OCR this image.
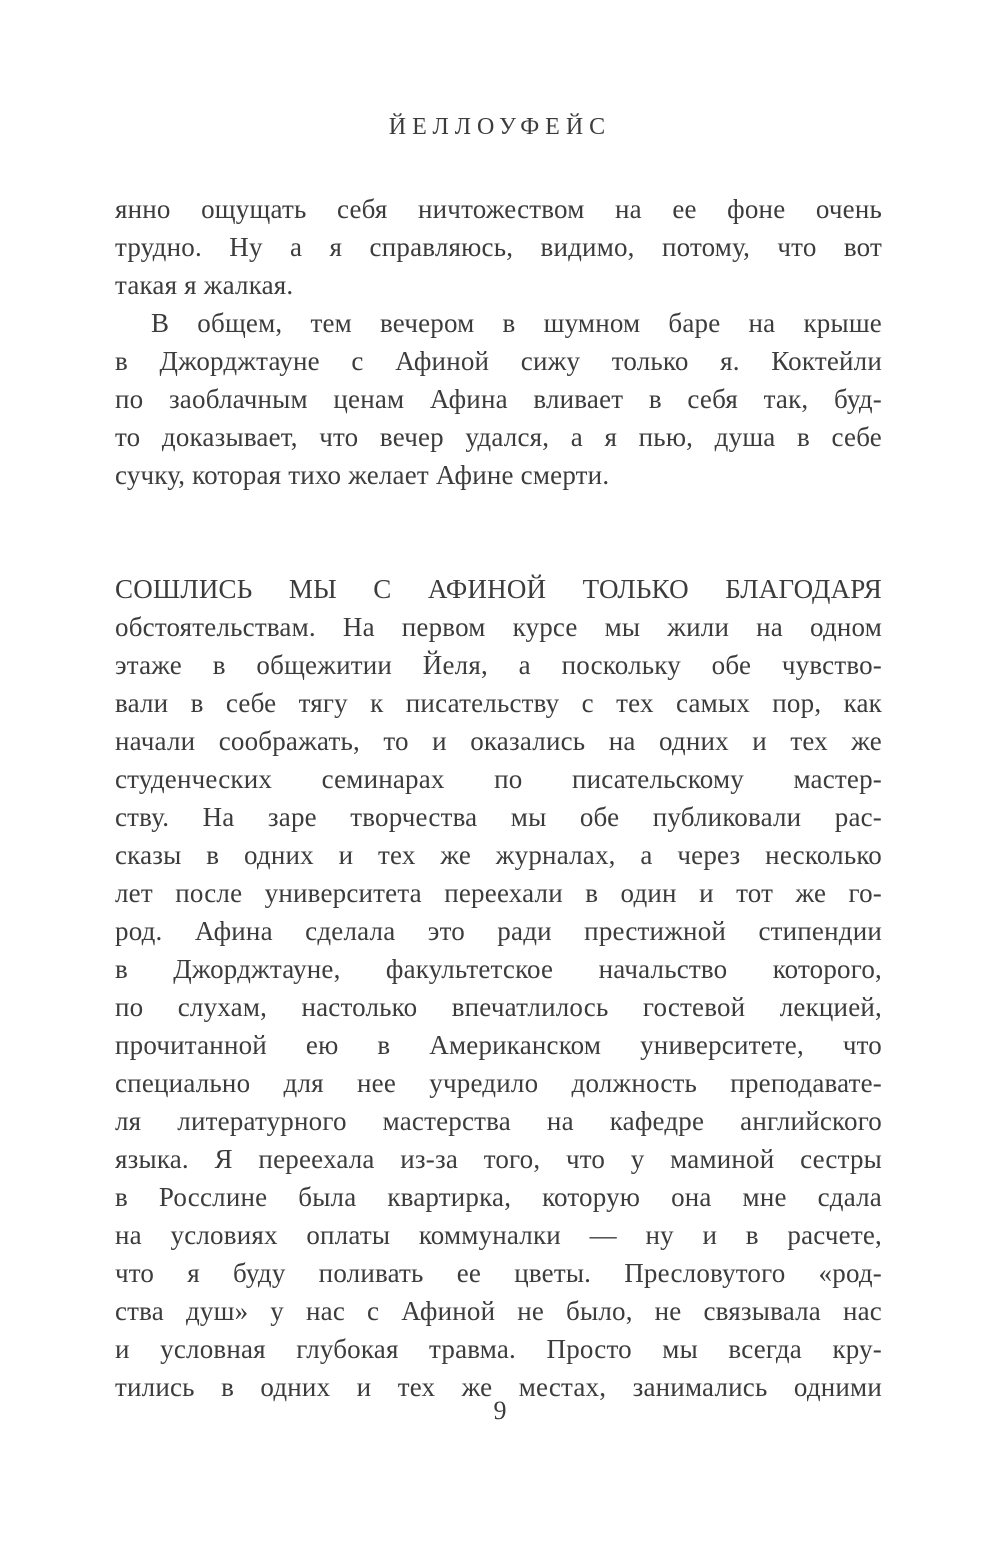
ЙЕЛЛОУФЕЙС

янно ощущать себя ничтожеством на ее фоне очень
трудно. Ну а я справляюсь, видимо, потому, что вот
такая я жалкая.

В общем, тем вечером в шумном баре на крыше
в Джорджтауне с Афиной сижу только я. Коктейли
по заоблачным ценам Афина вливает в себя так, буд-
то доказывает, что вечер удался, а я пью, душа в себе
сучку, которая тихо желает Афине смерти.

СОШЛИСЬ МЫ С АФИНОЙ ТОЛЬКО БЛАГОДАРЯ
обстоятельствам. На первом курсе мы жили на одном
этаже в общежитии Йеля, а поскольку обе чувство-
вали в себе тягу к писательству с тех самых пор, как
начали соображать, то и оказались на одних и тех же
студенческих семинарах по писательскому мастер-
ству. На заре творчества мы обе публиковали рас-
сказы в одних и тех же журналах, а через несколько
лет после университета переехали в один и тот же го-
род. Афина сделала это ради престижной стипендии
в Джорджтауне, факультетское начальство которого,
по слухам, настолько впечатлилось гостевой лекцией,
прочитанной ею в Американском университете, что
специально для нее учредило должность преподавате-
ля литературного мастерства на кафедре английского
языка. Я переехала из-за того, что у маминой сестры
в Росслине была квартирка, которую она мне сдала
на условиях оплаты коммуналки — ну и в расчете,
что я буду поливать ее цветы. Пресловутого «род-
ства душ» у нас с Афиной не было, не связывала нас
и условная глубокая травма. Просто мы всегда кру-
тились в одних и тех же местах, занимались одними

9
